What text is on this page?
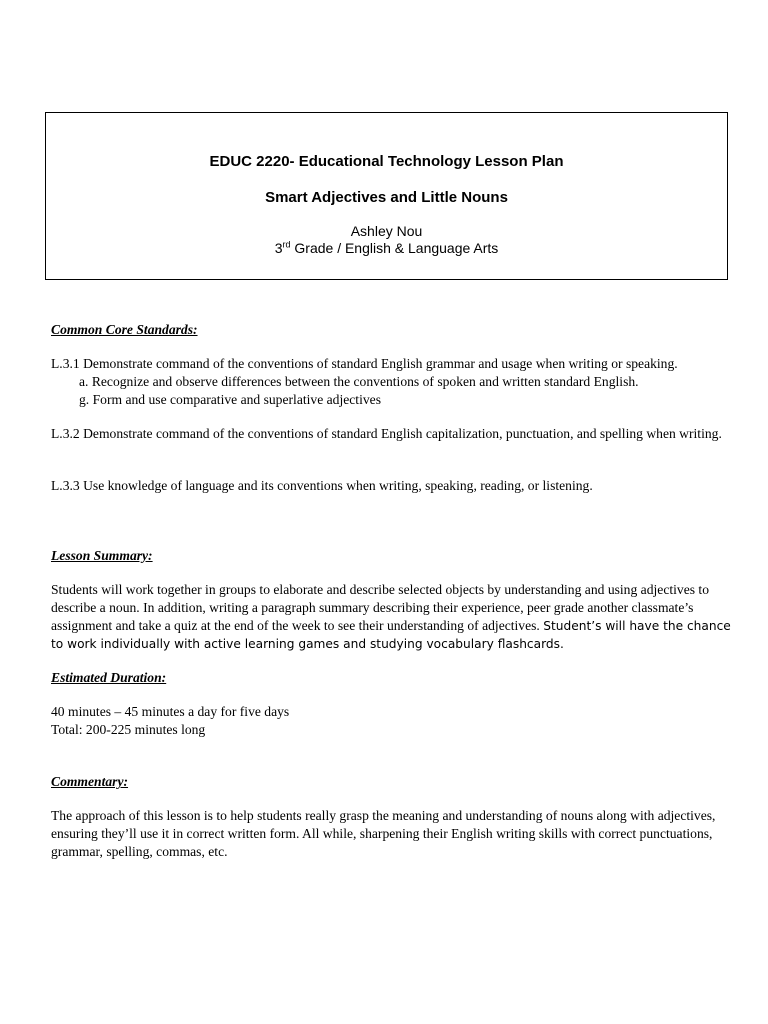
EDUC 2220- Educational Technology Lesson Plan
Smart Adjectives and Little Nouns
Ashley Nou
3rd Grade / English & Language Arts

Common Core Standards:

L.3.1 Demonstrate command of the conventions of standard English grammar and usage when writing or speaking.

a. Recognize and observe differences between the conventions of spoken and written standard English.

g. Form and use comparative and superlative adjectives

L.3.2 Demonstrate command of the conventions of standard English capitalization, punctuation, and spelling when writing.

L.3.3 Use knowledge of language and its conventions when writing, speaking, reading, or listening.

Lesson Summary:

Students will work together in groups to elaborate and describe selected objects by understanding and using adjectives to describe a noun. In addition, writing a paragraph summary describing their experience, peer grade another classmate’s assignment and take a quiz at the end of the week to see their understanding of adjectives. Student’s will have the chance to work individually with active learning games and studying vocabulary flashcards.

Estimated Duration:

40 minutes – 45 minutes a day for five days

Total: 200-225 minutes long

Commentary:

The approach of this lesson is to help students really grasp the meaning and understanding of nouns along with adjectives, ensuring they’ll use it in correct written form. All while, sharpening their English writing skills with correct punctuations, grammar, spelling, commas, etc.
